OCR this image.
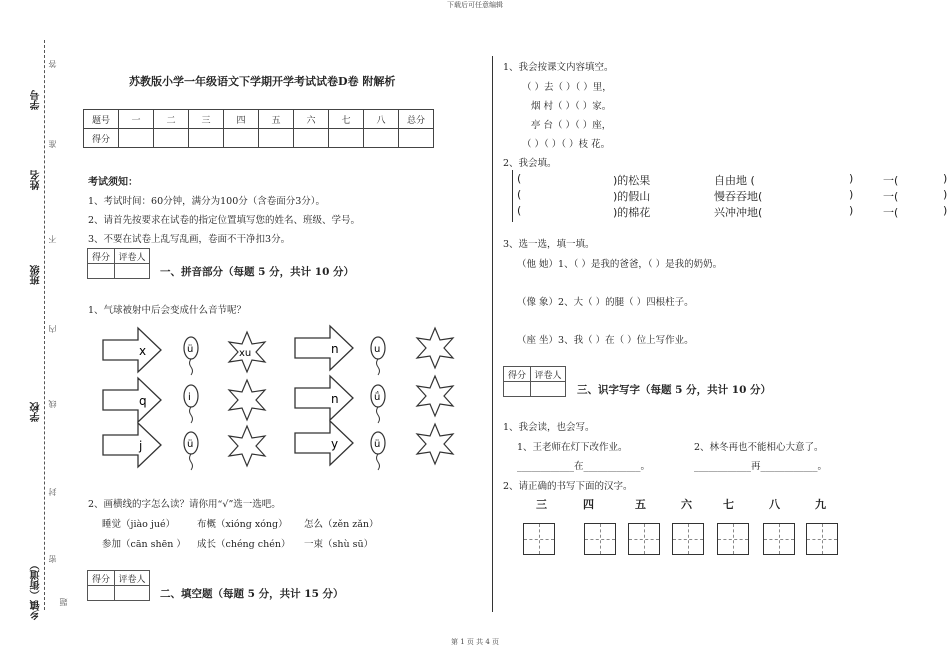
下载后可任意编辑
第 1 页 共 4 页
学号
姓名
班级
学校
乡镇（街道）
答
准
不
内
线
封
密
题
苏教版小学一年级语文下学期开学考试试卷D卷 附解析
题号	一	二	三	四	五	六	七	八	总分
得分									
考试须知：
1、考试时间：60分钟，满分为100分（含卷面分3分）。
2、请首先按要求在试卷的指定位置填写您的姓名、班级、学号。
3、不要在试卷上乱写乱画，卷面不干净扣3分。
得分	评卷人

一、拼音部分（每题 5 分，共计 10 分）
1、气球被射中后会变成什么音节呢？
x
q
j
ü
i
ü
xu	n
n
y
u
ǘ
ü
2、画横线的字怎么读？请你用“√”选一选吧。
睡觉（jiào jué） 布概（xióng xóng） 怎么（zěn zǎn）
参加（cān shēn ） 成长（chéng chén） 一束（shù sū）
得分	评卷人

二、填空题（每题 5 分，共计 15 分）
1、我会按课文内容填空。
（ ）去（ ）（ ）里，
烟 村（ ）（ ）家。
亭 台（ ）（ ）座，
（ ）（ ）（ ）枝 花。
2、我会填。
(	)的松果	自由地 (	)	一(	)
(	)的假山	慢吞吞地(	)	一(	)
(	)的棉花	兴冲冲地(	)	一(	)
3、选一选，填一填。
（他 她）1、（ ）是我的爸爸，（ ）是我的奶奶。
（像 象）2、大（ ）的腿（ ）四根柱子。
（座 坐）3、我（ ）在（ ）位上写作业。
得分	评卷人

三、识字写字（每题 5 分，共计 10 分）
1、我会读，也会写。
1、王老师在灯下改作业。	2、林冬再也不能相心大意了。
____________在____________。	____________再____________。
2、请正确的书写下面的汉字。
三	四	五	六	七	八	九
